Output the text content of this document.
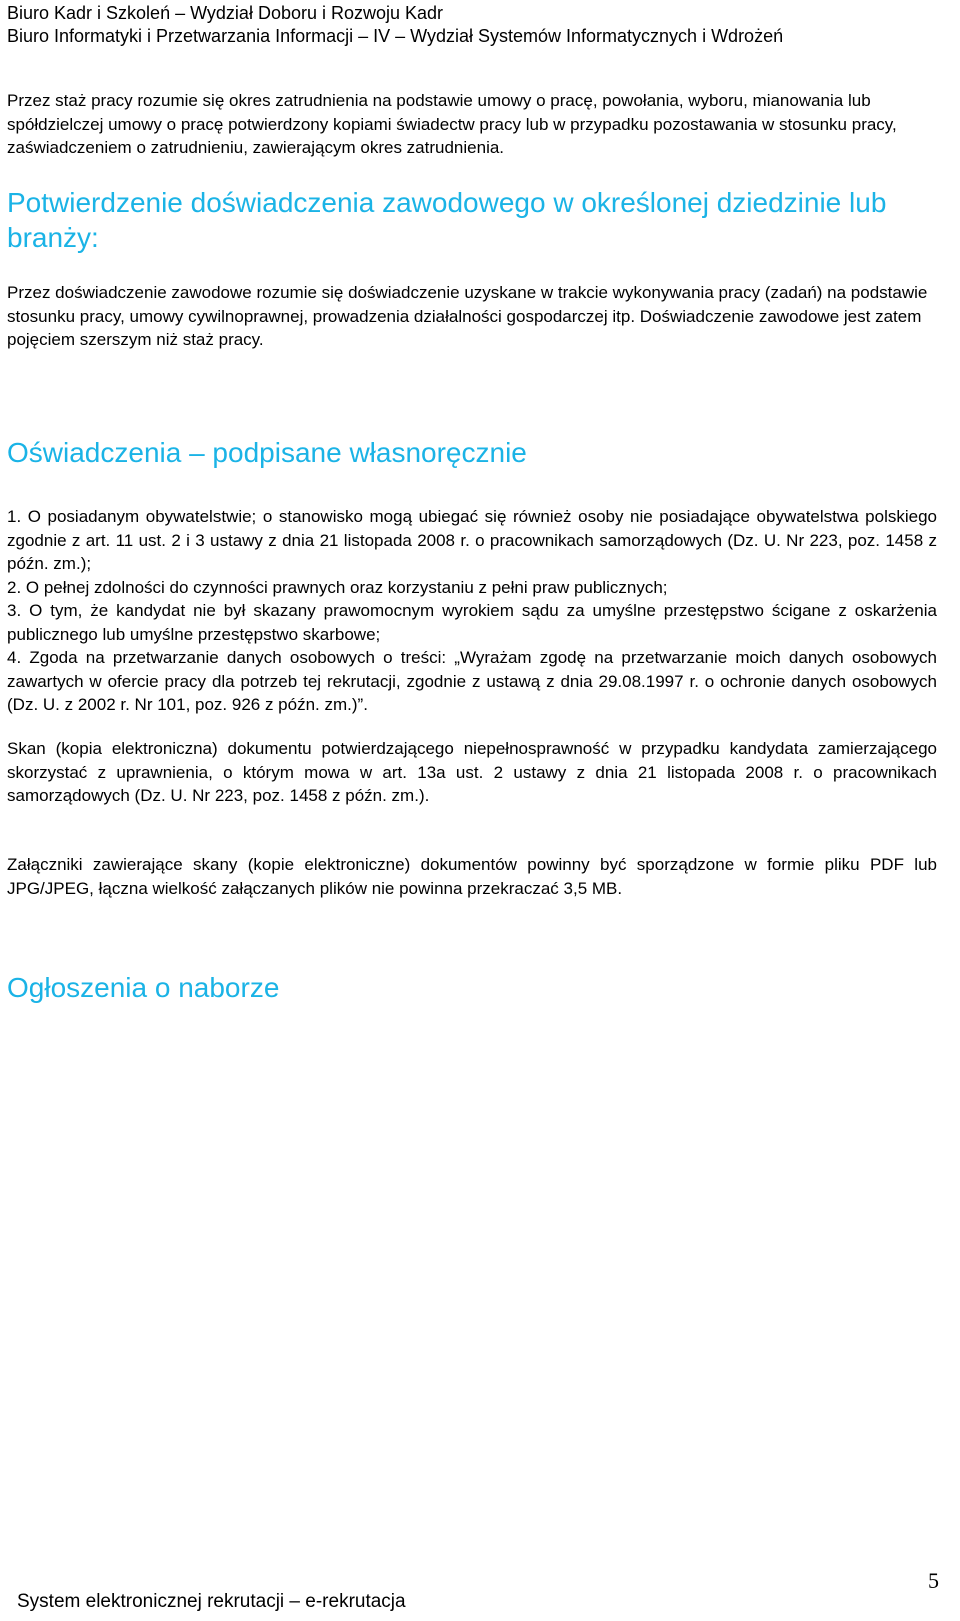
Biuro Kadr i Szkoleń – Wydział Doboru i Rozwoju Kadr
Biuro Informatyki i Przetwarzania Informacji – IV – Wydział Systemów Informatycznych i Wdrożeń
Przez staż pracy rozumie się okres zatrudnienia na podstawie umowy o pracę, powołania, wyboru, mianowania lub spółdzielczej umowy o pracę potwierdzony kopiami świadectw pracy lub w przypadku pozostawania w stosunku pracy, zaświadczeniem o zatrudnieniu, zawierającym okres zatrudnienia.
Potwierdzenie doświadczenia zawodowego w określonej dziedzinie lub branży:
Przez doświadczenie zawodowe rozumie się doświadczenie uzyskane w trakcie wykonywania pracy (zadań) na podstawie stosunku pracy, umowy cywilnoprawnej, prowadzenia działalności gospodarczej itp. Doświadczenie zawodowe jest zatem pojęciem szerszym niż staż pracy.
Oświadczenia – podpisane własnoręcznie
1. O posiadanym obywatelstwie; o stanowisko mogą ubiegać się również osoby nie posiadające obywatelstwa polskiego zgodnie z art. 11 ust. 2 i 3 ustawy z dnia 21 listopada 2008 r. o pracownikach samorządowych (Dz. U. Nr 223, poz. 1458 z późn. zm.);
2. O pełnej zdolności do czynności prawnych oraz korzystaniu z pełni praw publicznych;
3. O tym, że kandydat nie był skazany prawomocnym wyrokiem sądu za umyślne przestępstwo ścigane z oskarżenia publicznego lub umyślne przestępstwo skarbowe;
4. Zgoda na przetwarzanie danych osobowych o treści: „Wyrażam zgodę na przetwarzanie moich danych osobowych zawartych w ofercie pracy dla potrzeb tej rekrutacji, zgodnie z ustawą z dnia 29.08.1997 r. o ochronie danych osobowych (Dz. U. z 2002 r. Nr 101, poz. 926 z późn. zm.)”.
Skan (kopia elektroniczna) dokumentu potwierdzającego niepełnosprawność w przypadku kandydata zamierzającego skorzystać z uprawnienia, o którym mowa w art. 13a ust. 2 ustawy z dnia 21 listopada 2008 r. o pracownikach samorządowych (Dz. U. Nr 223, poz. 1458 z późn. zm.).
Załączniki zawierające skany (kopie elektroniczne) dokumentów powinny być sporządzone w formie pliku PDF lub JPG/JPEG, łączna wielkość załączanych plików nie powinna przekraczać 3,5 MB.
Ogłoszenia o naborze
System elektronicznej rekrutacji – e-rekrutacja
5
